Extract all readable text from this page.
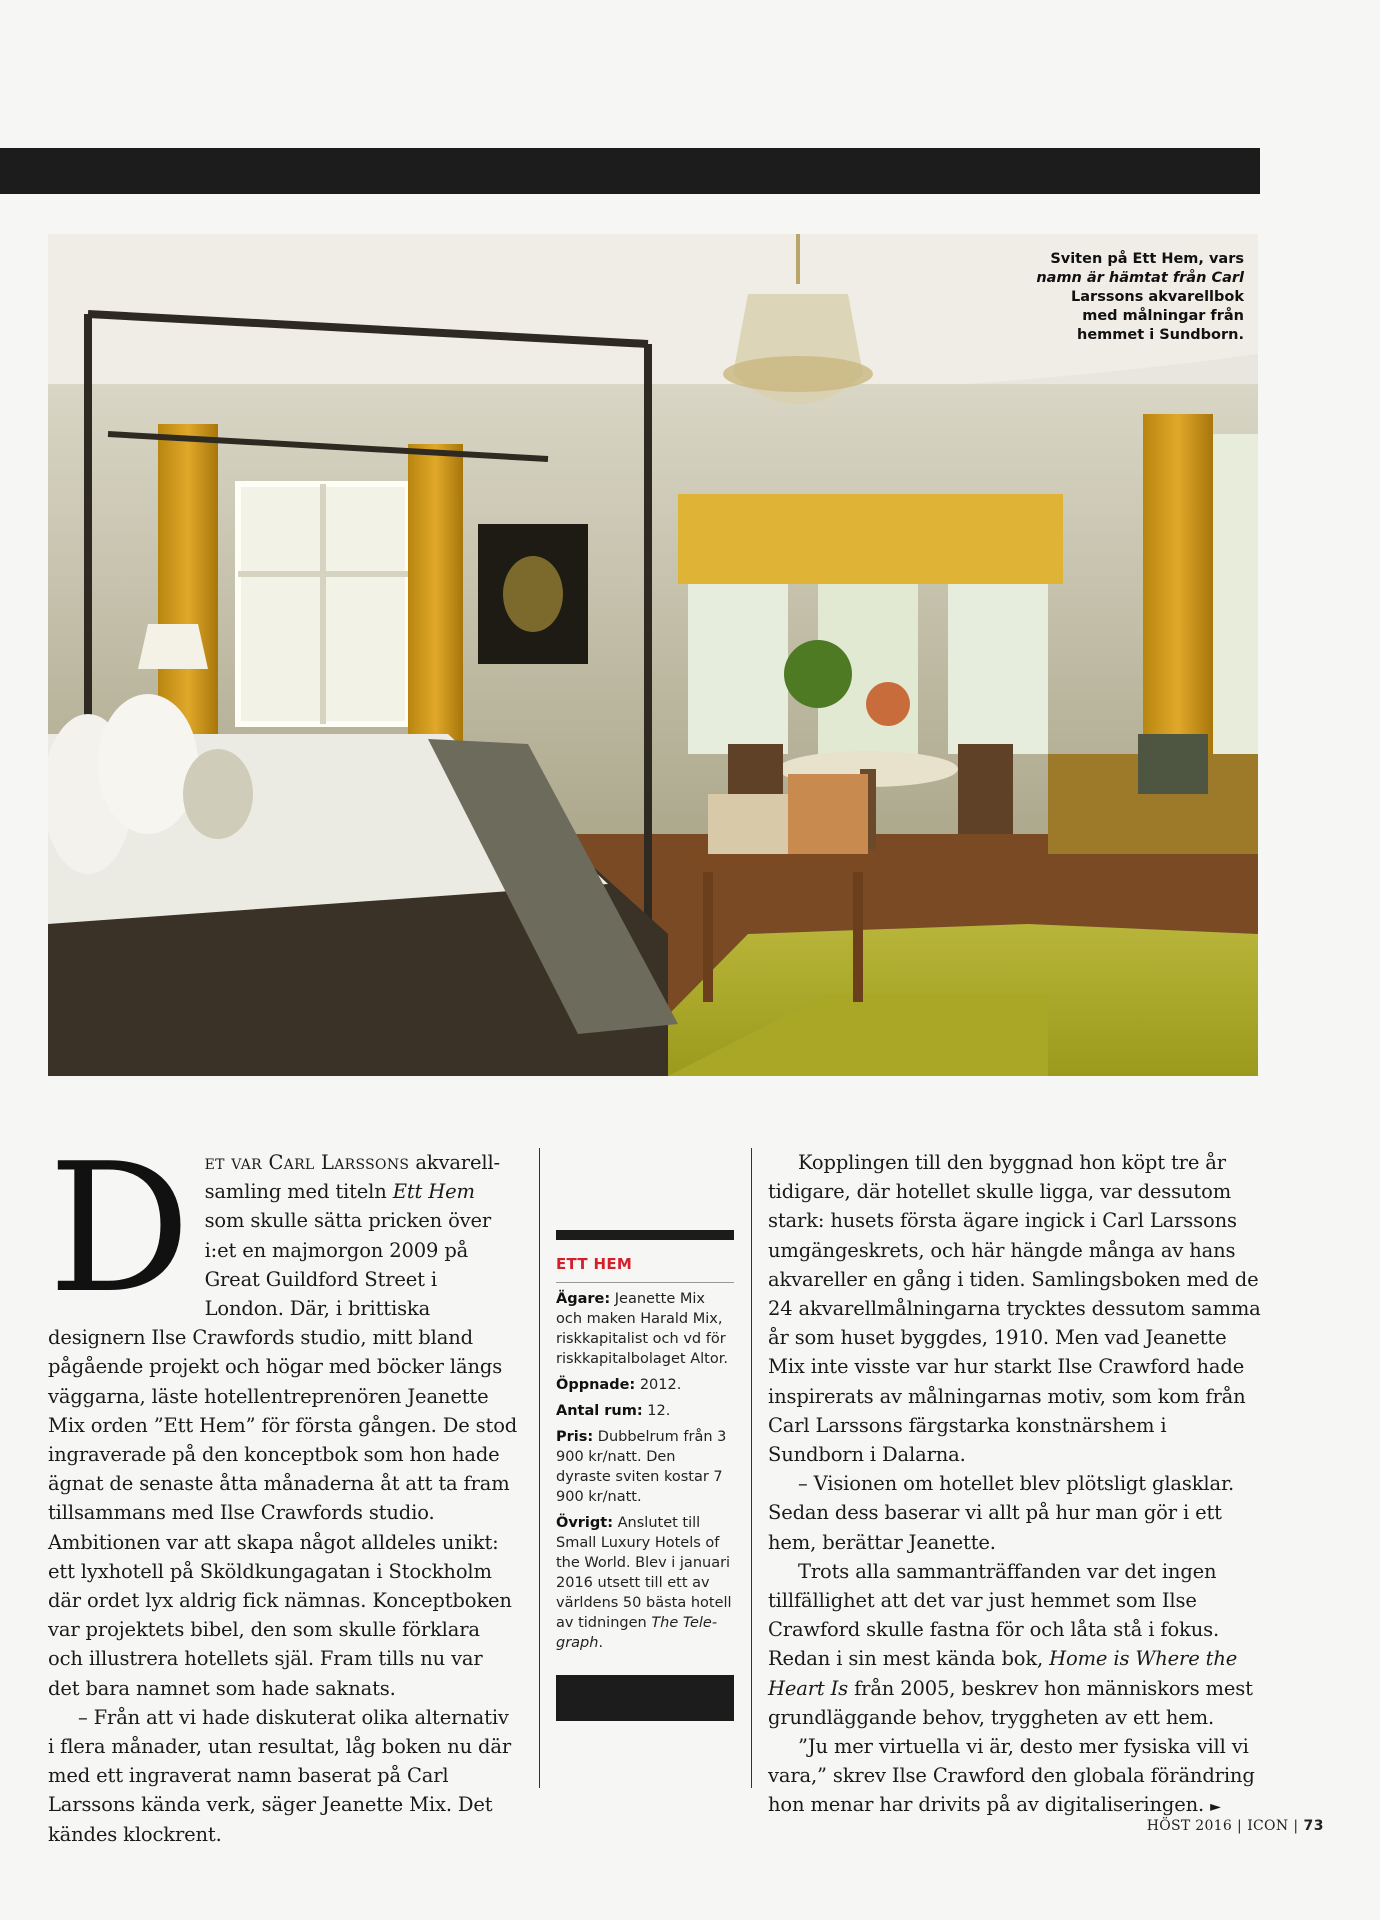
Sviten på Ett Hem, vars
namn är hämtat från Carl
Larssons akvarellbok
med målningar från
hemmet i Sundborn.

Det var Carl Larssons akvarellsamling med titeln Ett Hem som skulle sätta pricken över i:et en majmorgon 2009 på Great Guildford Street i London. Där, i brittiska designern Ilse Crawfords studio, mitt bland pågående projekt och högar med böcker längs väggarna, läste hotellentreprenören Jeanette Mix orden ”Ett Hem” för första gången. De stod ingraverade på den konceptbok som hon hade ägnat de senaste åtta månaderna åt att ta fram tillsammans med Ilse Crawfords studio. Ambitionen var att skapa något alldeles unikt: ett lyxhotell på Sköldkungagatan i Stockholm där ordet lyx aldrig fick nämnas. Konceptboken var projektets bibel, den som skulle förklara och illustrera hotellets själ. Fram tills nu var det bara namnet som hade saknats.

– Från att vi hade diskuterat olika alternativ i flera månader, utan resultat, låg boken nu där med ett ingraverat namn baserat på Carl Larssons kända verk, säger Jeanette Mix. Det kändes klockrent.

ETT HEM

Ägare: Jeanette Mix och maken Harald Mix, riskkapitalist och vd för riskkapitalbolaget Altor.

Öppnade: 2012.

Antal rum: 12.

Pris: Dubbelrum från 3 900 kr/natt. Den dyraste sviten kostar 7 900 kr/natt.

Övrigt: Anslutet till Small Luxury Hotels of the World. Blev i januari 2016 utsett till ett av världens 50 bästa hotell av tidningen The Telegraph.

Kopplingen till den byggnad hon köpt tre år tidigare, där hotellet skulle ligga, var dessutom stark: husets första ägare ingick i Carl Larssons umgängeskrets, och här hängde många av hans akvareller en gång i tiden. Samlingsboken med de 24 akvarellmålningarna trycktes dessutom samma år som huset byggdes, 1910. Men vad Jeanette Mix inte visste var hur starkt Ilse Crawford hade inspirerats av målningarnas motiv, som kom från Carl Larssons färgstarka konstnärshem i Sundborn i Dalarna.

– Visionen om hotellet blev plötsligt glasklar. Sedan dess baserar vi allt på hur man gör i ett hem, berättar Jeanette.

Trots alla sammanträffanden var det ingen tillfällighet att det var just hemmet som Ilse Crawford skulle fastna för och låta stå i fokus. Redan i sin mest kända bok, Home is Where the Heart Is från 2005, beskrev hon människors mest grundläggande behov, tryggheten av ett hem.

”Ju mer virtuella vi är, desto mer fysiska vill vi vara,” skrev Ilse Crawford den globala förändring hon menar har drivits på av digitaliseringen. ►

HÖST 2016 | ICON | 73
